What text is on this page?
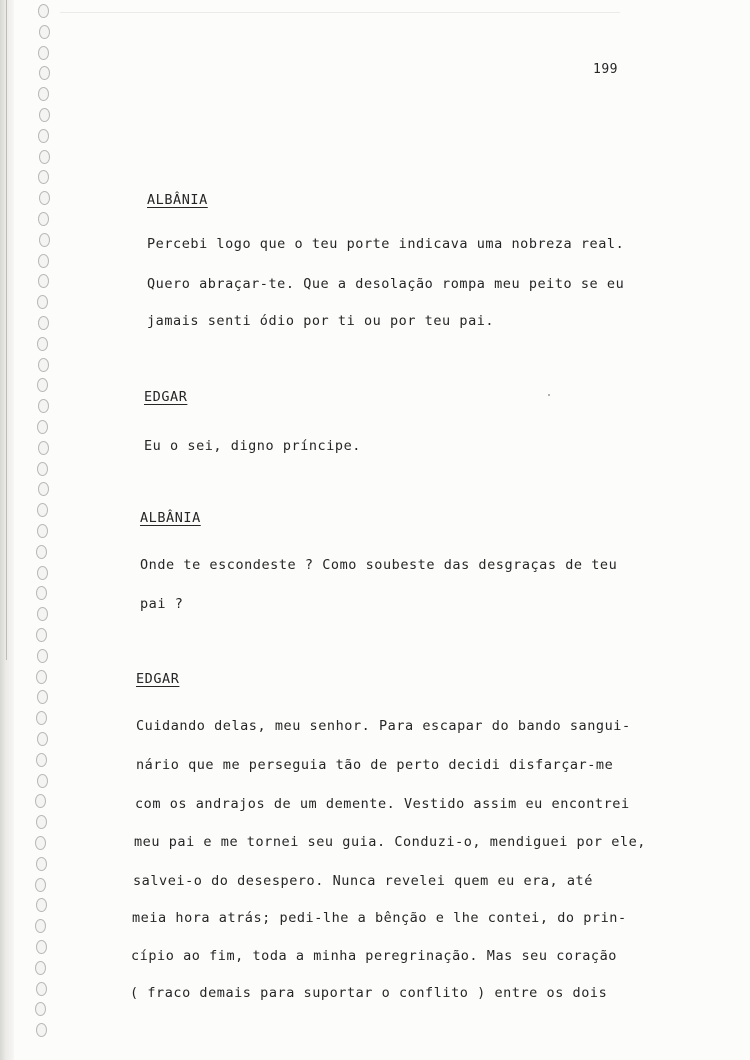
199
ALBÂNIA
Percebi logo que o teu porte indicava uma nobreza real.
Quero abraçar-te. Que a desolação rompa meu peito se eu
jamais senti ódio por ti ou por teu pai.
EDGAR
Eu o sei, digno príncipe.
ALBÂNIA
Onde te escondeste ? Como soubeste das desgraças de teu
pai ?
EDGAR
Cuidando delas, meu senhor. Para escapar do bando sangui-
nário que me perseguia tão de perto decidi disfarçar-me
com os andrajos de um demente. Vestido assim eu encontrei
meu pai e me tornei seu guia. Conduzi-o, mendiguei por ele,
salvei-o do desespero. Nunca revelei quem eu era, até
meia hora atrás; pedi-lhe a bênção e lhe contei, do prin-
cípio ao fim, toda a minha peregrinação. Mas seu coração
( fraco demais para suportar o conflito ) entre os dois
